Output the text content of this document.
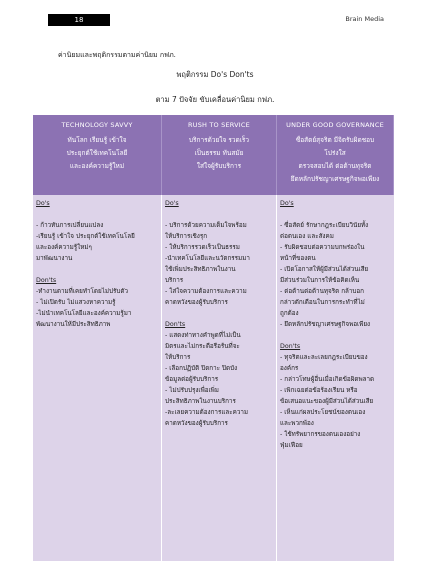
18	Brain Media
ค่านิยมและพฤติกรรมตามค่านิยม กฟภ.
พฤติกรรม Do's Don'ts
ตาม 7 ปัจจัย ขับเคลื่อนค่านิยม กฟภ.
TECHNOLOGY SAVVY
ทันโลก เรียนรู้ เข้าใจ
ประยุกต์ใช้เทคโนโลยี
และองค์ความรู้ใหม่
RUSH TO SERVICE
บริการด้วยใจ รวดเร็ว
เป็นธรรม ทันสมัย
ใส่ใจผู้รับบริการ
UNDER GOOD GOVERNANCE
ซื่อสัตย์สุจริต มีจิตรับผิดชอบ
โปร่งใส
ตรวจสอบได้ ต่อต้านทุจริต
ยึดหลักปรัชญาเศรษฐกิจพอเพียง
Do's
- ก้าวทันการเปลี่ยนแปลง
-เรียนรู้ เข้าใจ ประยุกต์ใช้เทคโนโลยี
และองค์ความรู้ใหม่ๆ
มาพัฒนางาน
Don'ts
-ทำงานตามที่เคยทำโดยไม่ปรับตัว
- ไม่เปิดรับ ไม่แสวงหาความรู้
-ไม่นำเทคโนโลยีและองค์ความรู้มา
พัฒนางานให้มีประสิทธิภาพ
Do's
- บริการด้วยความเต็มใจพร้อม
ให้บริการเชิงรุก
- ให้บริการรวดเร็วเป็นธรรม
-นำเทคโนโลยีและนวัตกรรมมา
ใช้เพิ่มประสิทธิภาพในงาน
บริการ
- ใส่ใจความต้องการและความ
คาดหวังของผู้รับบริการ
Don'ts
- แสดงท่าทางคำพูดที่ไม่เป็น
มิตรและไม่กระตือรือร้นที่จะ
ให้บริการ
- เลือกปฏิบัติ ปิดกาะ ปิดบัง
ข้อมูลต่อผู้รับบริการ
- ไม่ปรับปรุงเพื่อเพิ่ม
ประสิทธิภาพในงานบริการ
-ละเลยความต้องการและความ
คาดหวังของผู้รับบริการ
Do's
- ซื่อสัตย์ รักษากฎระเบียบวินัยทั้ง
ต่อตนเอง และสังคม
- รับผิดชอบต่อความบกพร่องใน
หน้าที่ของตน
- เปิดโอกาสให้ผู้มีส่วนได้ส่วนเสีย
มีส่วนร่วมในการให้ข้อคิดเห็น
- ต่อต้านต่อต้านทุจริต กล้าบอก
กล่าวตักเตือนในการกระทำที่ไม่
ถูกต้อง
- ยึดหลักปรัชญาเศรษฐกิจพอเพียง
Don'ts
- ทุจริตและละเลยกฎระเบียบของ
องค์กร
- กล่าวโทษผู้อื่นเมื่อเกิดข้อผิดพลาด
- เพิกเฉยต่อข้อร้องเรียน หรือ
ข้อเสนอแนะของผู้มีส่วนได้ส่วนเสีย
- เห็นแก่ผลประโยชน์ของตนเอง
และพวกพ้อง
- ใช้ทรัพยากรของตนเองอย่าง
ฟุ่มเฟือย
